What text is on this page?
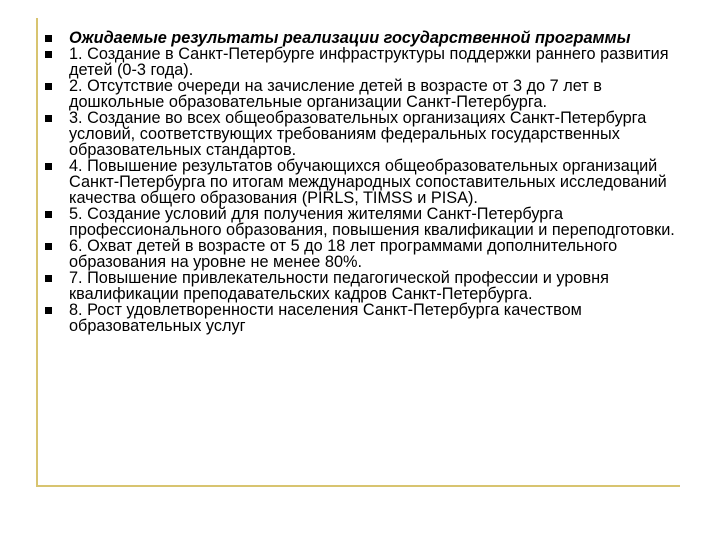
Ожидаемые результаты реализации государственной программы
1. Создание в Санкт-Петербурге инфраструктуры поддержки раннего развития детей (0-3 года).
2. Отсутствие очереди на зачисление детей в возрасте от 3 до 7 лет в дошкольные образовательные организации Санкт-Петербурга.
3. Создание во всех общеобразовательных организациях Санкт-Петербурга условий, соответствующих требованиям федеральных государственных образовательных стандартов.
4. Повышение результатов обучающихся общеобразовательных организаций Санкт-Петербурга по итогам международных сопоставительных исследований качества общего образования (PIRLS, TIMSS и PISA).
5. Создание условий для получения жителями Санкт-Петербурга профессионального образования, повышения квалификации и переподготовки.
6. Охват детей в возрасте от 5 до 18 лет программами дополнительного образования на уровне не менее 80%.
7. Повышение привлекательности педагогической профессии и уровня квалификации преподавательских кадров Санкт-Петербурга.
8. Рост удовлетворенности населения Санкт-Петербурга качеством образовательных услуг
